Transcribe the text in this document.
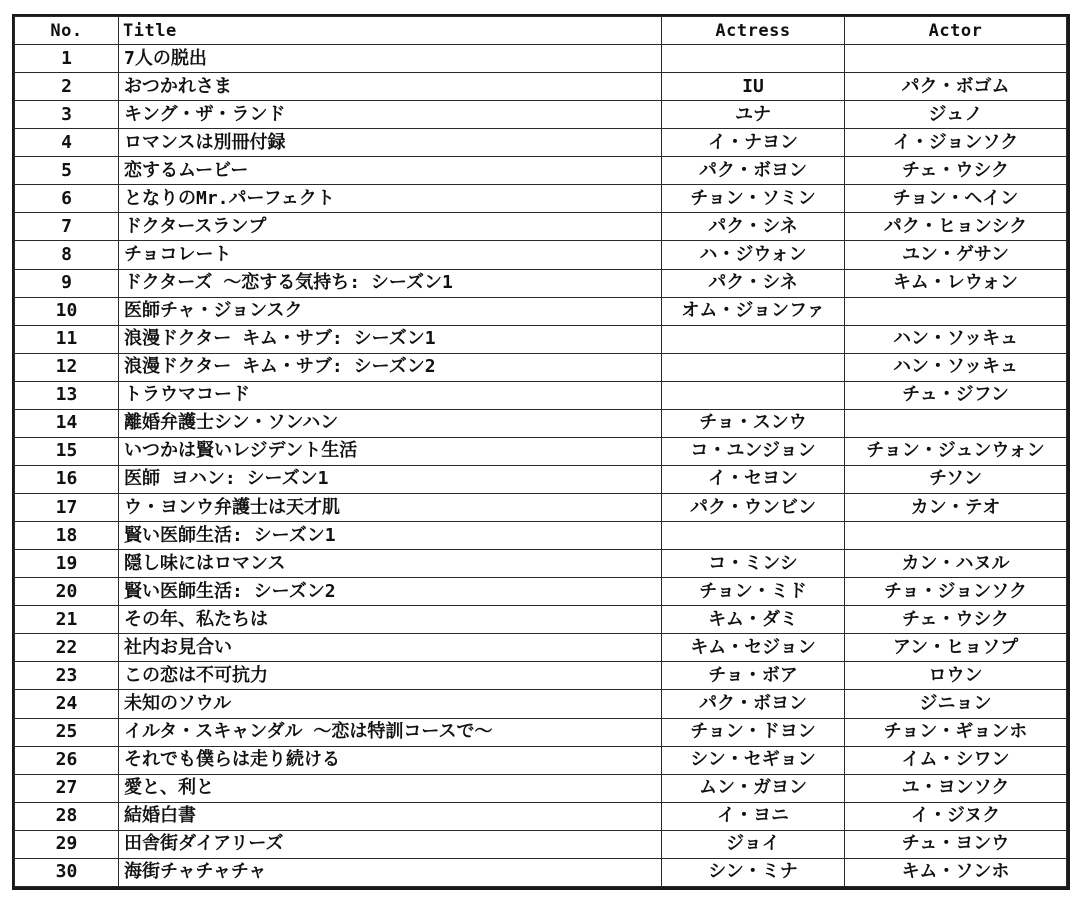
No.	Title	Actress	Actor
1	7人の脱出		
2	おつかれさま	IU	パク・ボゴム
3	キング・ザ・ランド	ユナ	ジュノ
4	ロマンスは別冊付録	イ・ナヨン	イ・ジョンソク
5	恋するムービー	パク・ボヨン	チェ・ウシク
6	となりのMr.パーフェクト	チョン・ソミン	チョン・ヘイン
7	ドクタースランプ	パク・シネ	パク・ヒョンシク
8	チョコレート	ハ・ジウォン	ユン・ゲサン
9	ドクターズ ～恋する気持ち: シーズン1	パク・シネ	キム・レウォン
10	医師チャ・ジョンスク	オム・ジョンファ	
11	浪漫ドクター キム・サブ: シーズン1		ハン・ソッキュ
12	浪漫ドクター キム・サブ: シーズン2		ハン・ソッキュ
13	トラウマコード		チュ・ジフン
14	離婚弁護士シン・ソンハン	チョ・スンウ	
15	いつかは賢いレジデント生活	コ・ユンジョン	チョン・ジュンウォン
16	医師 ヨハン: シーズン1	イ・セヨン	チソン
17	ウ・ヨンウ弁護士は天才肌	パク・ウンビン	カン・テオ
18	賢い医師生活: シーズン1		
19	隠し味にはロマンス	コ・ミンシ	カン・ハヌル
20	賢い医師生活: シーズン2	チョン・ミド	チョ・ジョンソク
21	その年、私たちは	キム・ダミ	チェ・ウシク
22	社内お見合い	キム・セジョン	アン・ヒョソプ
23	この恋は不可抗力	チョ・ボア	ロウン
24	未知のソウル	パク・ボヨン	ジニョン
25	イルタ・スキャンダル ～恋は特訓コースで～	チョン・ドヨン	チョン・ギョンホ
26	それでも僕らは走り続ける	シン・セギョン	イム・シワン
27	愛と、利と	ムン・ガヨン	ユ・ヨンソク
28	結婚白書	イ・ヨニ	イ・ジヌク
29	田舎街ダイアリーズ	ジョイ	チュ・ヨンウ
30	海街チャチャチャ	シン・ミナ	キム・ソンホ
